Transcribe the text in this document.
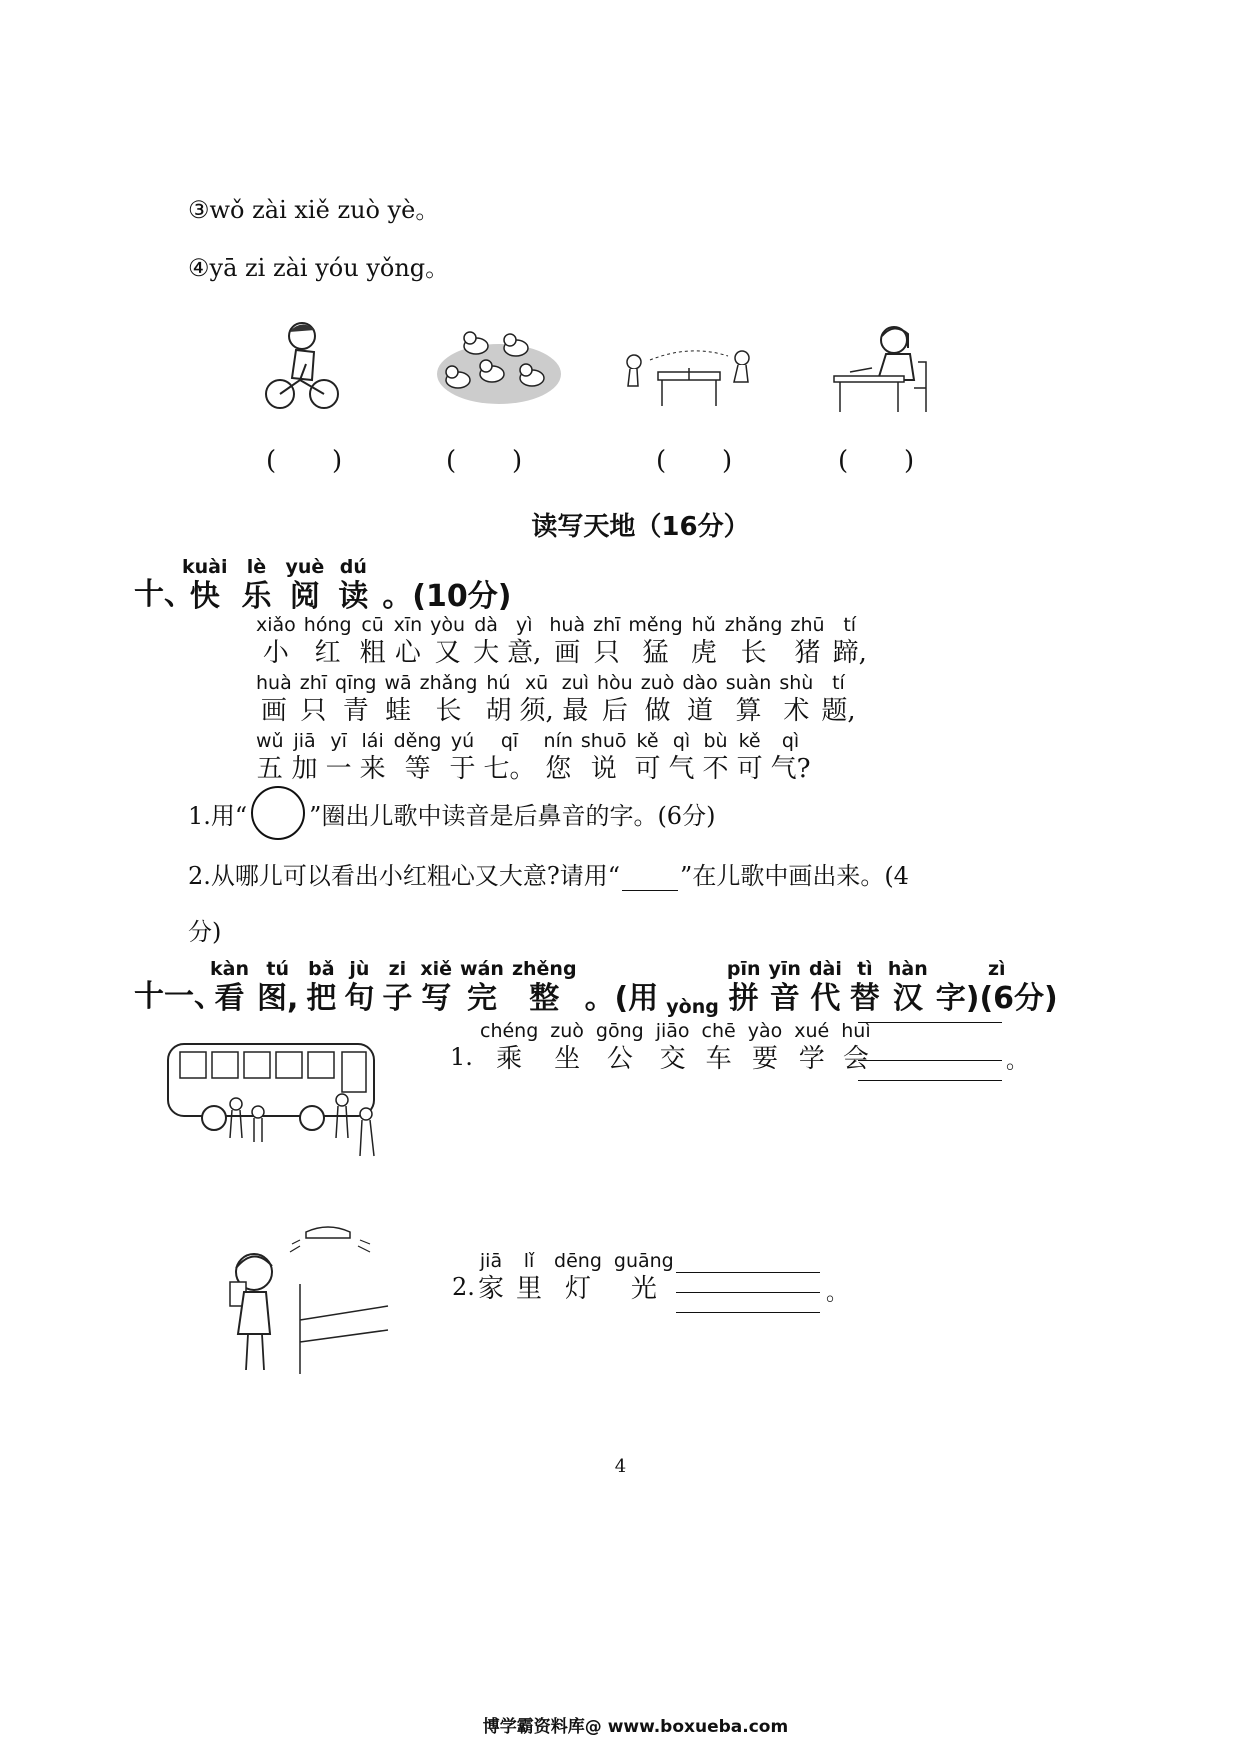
③wǒ zài xiě zuò yè。
④yā zi zài yóu yǒng。
( )	( )	( )	( )
读写天地（16分）
十、
kuài
快
lè
乐
yuè
阅
dú
读 。(10分)
xiǎo
小
hóng
红
cū
粗
xīn
心
yòu
又
dà
大
yì
意,
huà
画
zhī
只
měng
猛
hǔ
虎
zhǎng
长
zhū
猪
tí
蹄,
huà
画
zhī
只
qīng
青
wā
蛙
zhǎng
长
hú
胡
xū
须,
zuì
最
hòu
后
zuò
做
dào
道
suàn
算
shù
术
tí
题,
wǔ
五
jiā
加
yī
一
lái
来
děng
等
yú
于
qī
七。
nín
您
shuō
说
kě
可
qì
气
bù
不
kě
可
qì
气?
1.用“	”圈出儿歌中读音是后鼻音的字。(6分)
2.从哪儿可以看出小红粗心又大意?请用“	”在儿歌中画出来。(4
分)
十一、
kàn
看
tú
图,
bǎ
把
jù
句
zi
子
xiě
写
wán
完
zhěng
整 。(用 yòng
pīn
拼
yīn
音
dài
代
tì
替
hàn
汉
zì
字)(6分)
1.
chéng
乘
zuò
坐
gōng
公
jiāo
交
chē
车
yào
要
xué
学
huì
会	。
2.
jiā
家
lǐ
里
dēng
灯
guāng
光	。
4
博学霸资料库@ www.boxueba.com
